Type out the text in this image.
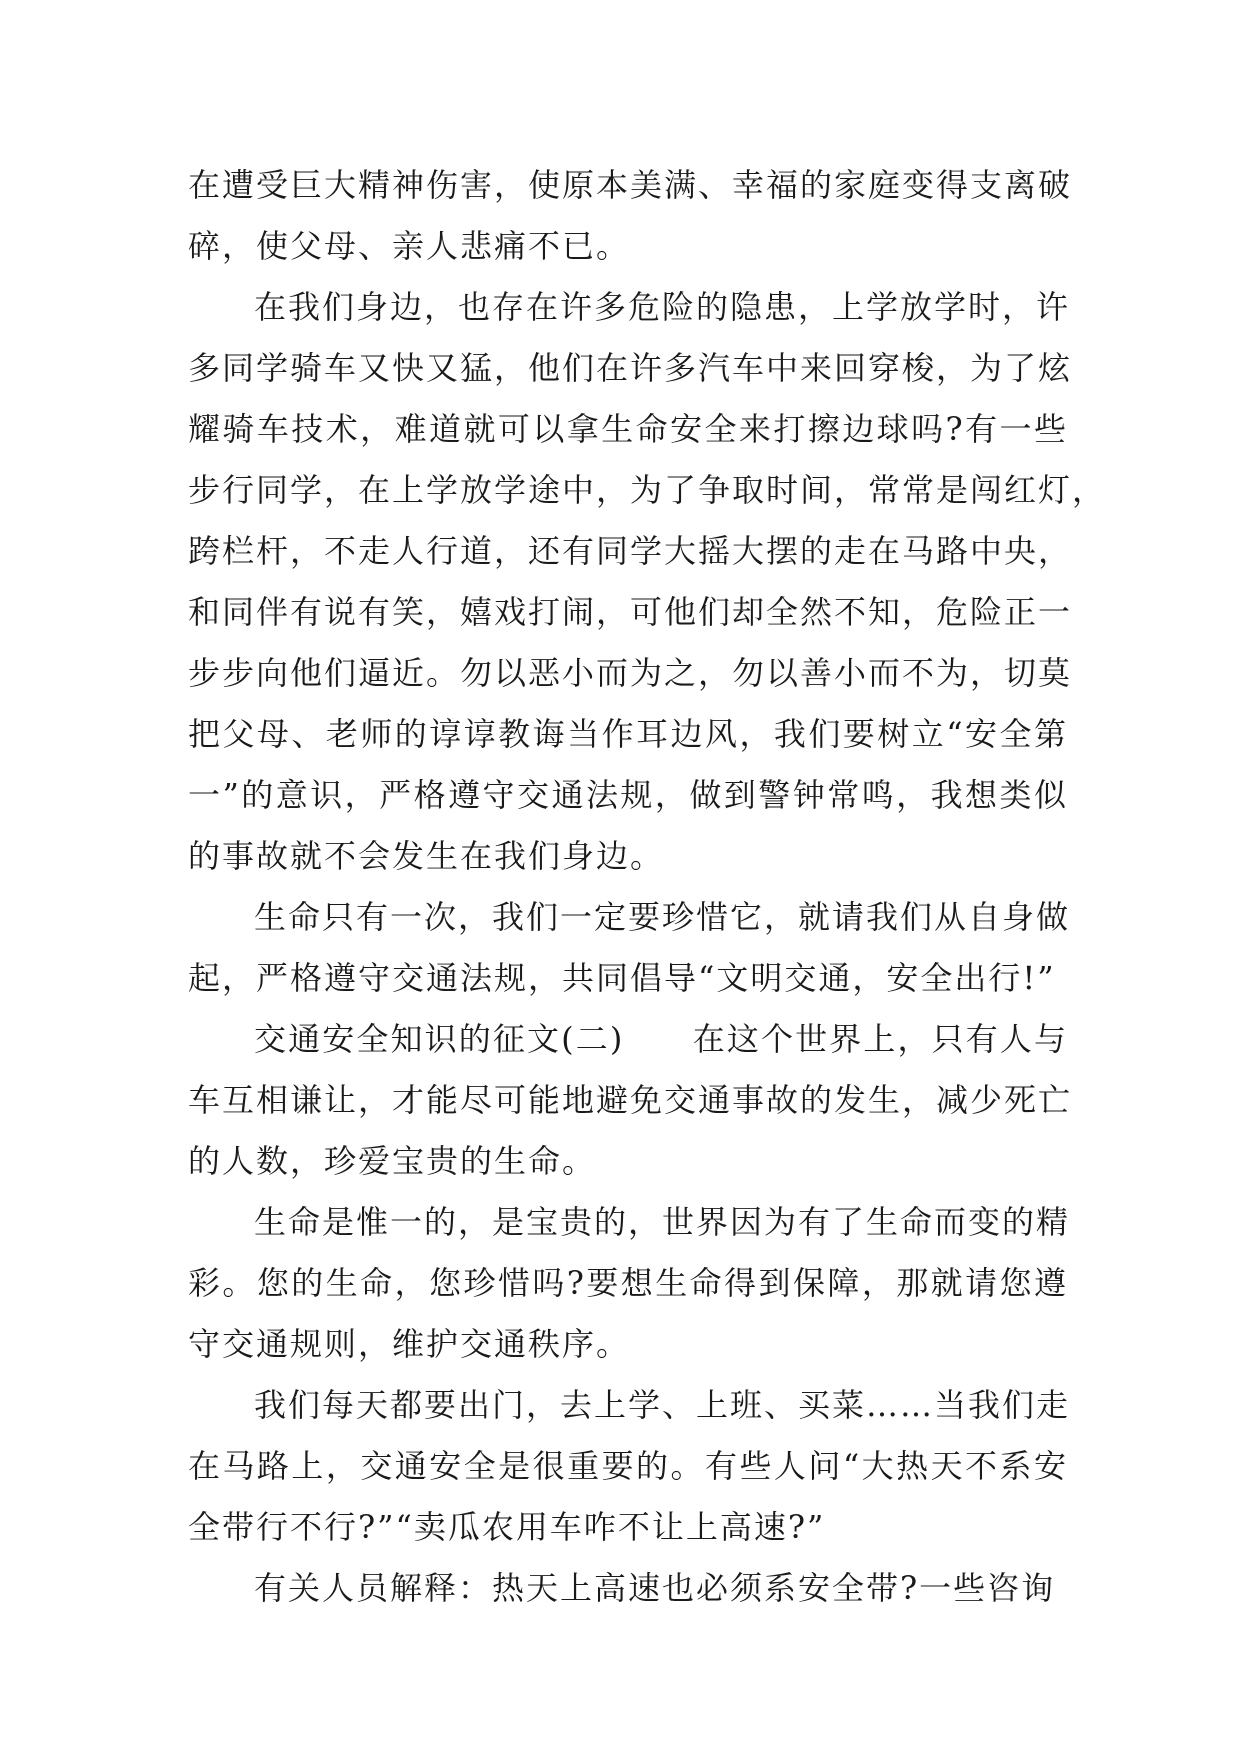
在遭受巨大精神伤害，使原本美满、幸福的家庭变得支离破
碎，使父母、亲人悲痛不已。
在我们身边，也存在许多危险的隐患，上学放学时，许
多同学骑车又快又猛，他们在许多汽车中来回穿梭，为了炫
耀骑车技术，难道就可以拿生命安全来打擦边球吗?有一些
步行同学，在上学放学途中，为了争取时间，常常是闯红灯，
跨栏杆，不走人行道，还有同学大摇大摆的走在马路中央，
和同伴有说有笑，嬉戏打闹，可他们却全然不知，危险正一
步步向他们逼近。勿以恶小而为之，勿以善小而不为，切莫
把父母、老师的谆谆教诲当作耳边风，我们要树立“安全第
一”的意识，严格遵守交通法规，做到警钟常鸣，我想类似
的事故就不会发生在我们身边。
生命只有一次，我们一定要珍惜它，就请我们从自身做
起，严格遵守交通法规，共同倡导“文明交通，安全出行!”
交通安全知识的征文(二)　　在这个世界上，只有人与
车互相谦让，才能尽可能地避免交通事故的发生，减少死亡
的人数，珍爱宝贵的生命。
生命是惟一的，是宝贵的，世界因为有了生命而变的精
彩。您的生命，您珍惜吗?要想生命得到保障，那就请您遵
守交通规则，维护交通秩序。
我们每天都要出门，去上学、上班、买菜……当我们走
在马路上，交通安全是很重要的。有些人问“大热天不系安
全带行不行?”“卖瓜农用车咋不让上高速?”
有关人员解释：热天上高速也必须系安全带?一些咨询
